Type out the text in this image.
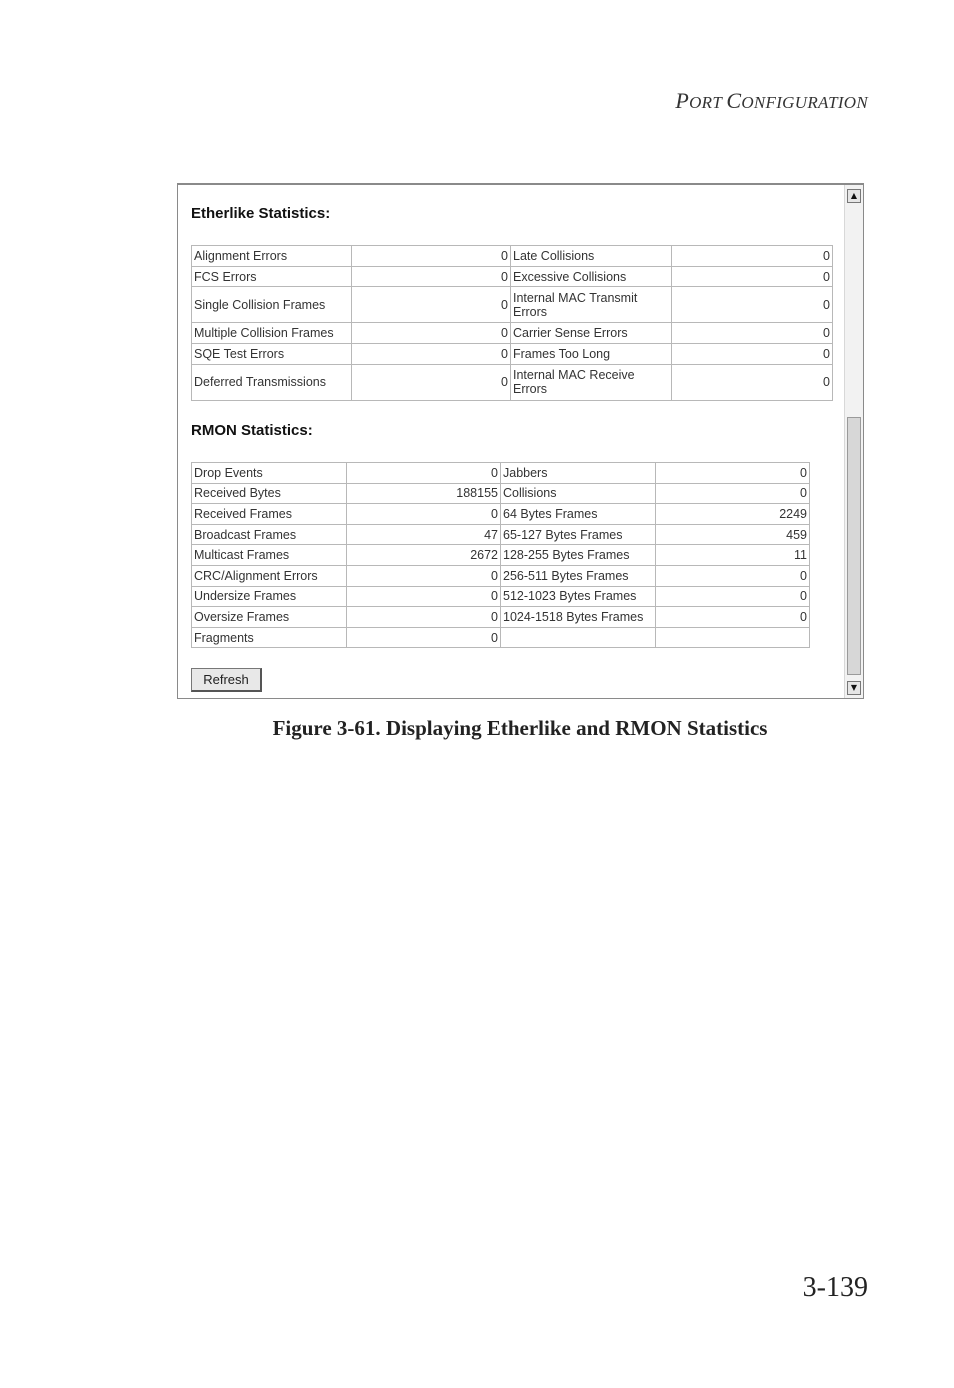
PORT CONFIGURATION
Etherlike Statistics:
Alignment Errors	0	Late Collisions	0
FCS Errors	0	Excessive Collisions	0
Single Collision Frames	0	Internal MAC Transmit Errors	0
Multiple Collision Frames	0	Carrier Sense Errors	0
SQE Test Errors	0	Frames Too Long	0
Deferred Transmissions	0	Internal MAC Receive Errors	0
RMON Statistics:
Drop Events	0	Jabbers	0
Received Bytes	188155	Collisions	0
Received Frames	0	64 Bytes Frames	2249
Broadcast Frames	47	65-127 Bytes Frames	459
Multicast Frames	2672	128-255 Bytes Frames	11
CRC/Alignment Errors	0	256-511 Bytes Frames	0
Undersize Frames	0	512-1023 Bytes Frames	0
Oversize Frames	0	1024-1518 Bytes Frames	0
Fragments	0		
Refresh
▲
▼
Figure 3-61. Displaying Etherlike and RMON Statistics
3-139
